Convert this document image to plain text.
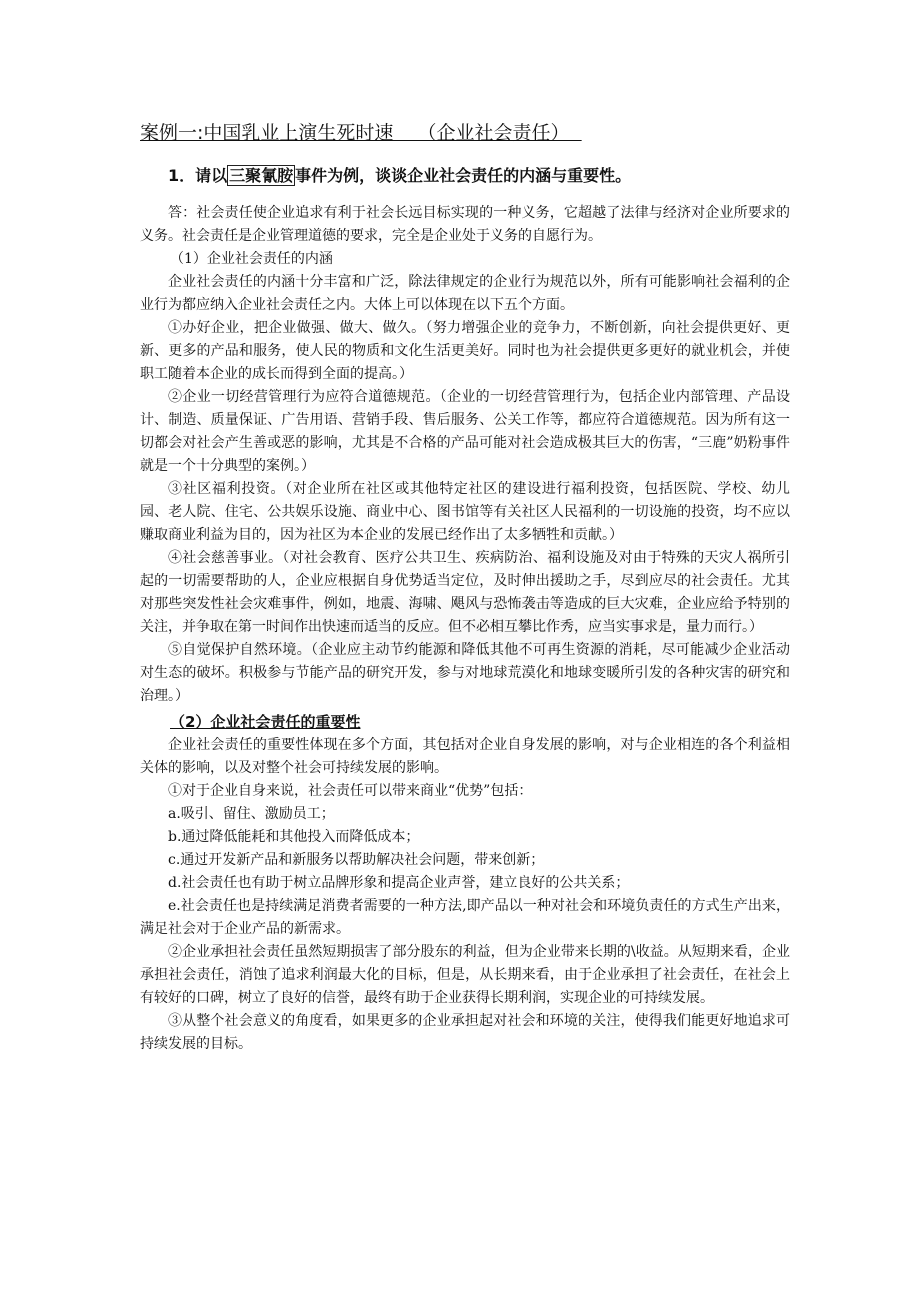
案例一:中国乳业上演生死时速    （企业社会责任）
1．请以 三聚氰胺 事件为例，谈谈企业社会责任的内涵与重要性。

答：社会责任使企业追求有利于社会长远目标实现的一种义务，它超越了法律与经济对企业所要求的义务。社会责任是企业管理道德的要求，完全是企业处于义务的自愿行为。

（1）企业社会责任的内涵

企业社会责任的内涵十分丰富和广泛，除法律规定的企业行为规范以外，所有可能影响社会福利的企业行为都应纳入企业社会责任之内。大体上可以体现在以下五个方面。

①办好企业，把企业做强、做大、做久。（努力增强企业的竞争力，不断创新，向社会提供更好、更新、更多的产品和服务，使人民的物质和文化生活更美好。同时也为社会提供更多更好的就业机会，并使职工随着本企业的成长而得到全面的提高。）

②企业一切经营管理行为应符合道德规范。（企业的一切经营管理行为，包括企业内部管理、产品设计、制造、质量保证、广告用语、营销手段、售后服务、公关工作等，都应符合道德规范。因为所有这一切都会对社会产生善或恶的影响，尤其是不合格的产品可能对社会造成极其巨大的伤害，“三鹿”奶粉事件就是一个十分典型的案例。）

③社区福利投资。（对企业所在社区或其他特定社区的建设进行福利投资，包括医院、学校、幼儿园、老人院、住宅、公共娱乐设施、商业中心、图书馆等有关社区人民福利的一切设施的投资，均不应以赚取商业利益为目的，因为社区为本企业的发展已经作出了太多牺牲和贡献。）

④社会慈善事业。（对社会教育、医疗公共卫生、疾病防治、福利设施及对由于特殊的天灾人祸所引起的一切需要帮助的人，企业应根据自身优势适当定位，及时伸出援助之手，尽到应尽的社会责任。尤其对那些突发性社会灾难事件，例如，地震、海啸、飓风与恐怖袭击等造成的巨大灾难，企业应给予特别的关注，并争取在第一时间作出快速而适当的反应。但不必相互攀比作秀，应当实事求是，量力而行。）

⑤自觉保护自然环境。（企业应主动节约能源和降低其他不可再生资源的消耗，尽可能减少企业活动对生态的破坏。积极参与节能产品的研究开发，参与对地球荒漠化和地球变暖所引发的各种灾害的研究和治理。）

（2）企业社会责任的重要性

企业社会责任的重要性体现在多个方面，其包括对企业自身发展的影响，对与企业相连的各个利益相关体的影响，以及对整个社会可持续发展的影响。

①对于企业自身来说，社会责任可以带来商业“优势”包括：

a.吸引、留住、激励员工；

b.通过降低能耗和其他投入而降低成本；

c.通过开发新产品和新服务以帮助解决社会问题，带来创新；

d.社会责任也有助于树立品牌形象和提高企业声誉，建立良好的公共关系；

e.社会责任也是持续满足消费者需要的一种方法,即产品以一种对社会和环境负责任的方式生产出来，满足社会对于企业产品的新需求。

②企业承担社会责任虽然短期损害了部分股东的利益，但为企业带来长期的\收益。从短期来看，企业承担社会责任，消蚀了追求利润最大化的目标，但是，从长期来看，由于企业承担了社会责任，在社会上有较好的口碑，树立了良好的信誉，最终有助于企业获得长期利润，实现企业的可持续发展。

③从整个社会意义的角度看，如果更多的企业承担起对社会和环境的关注，使得我们能更好地追求可持续发展的目标。
